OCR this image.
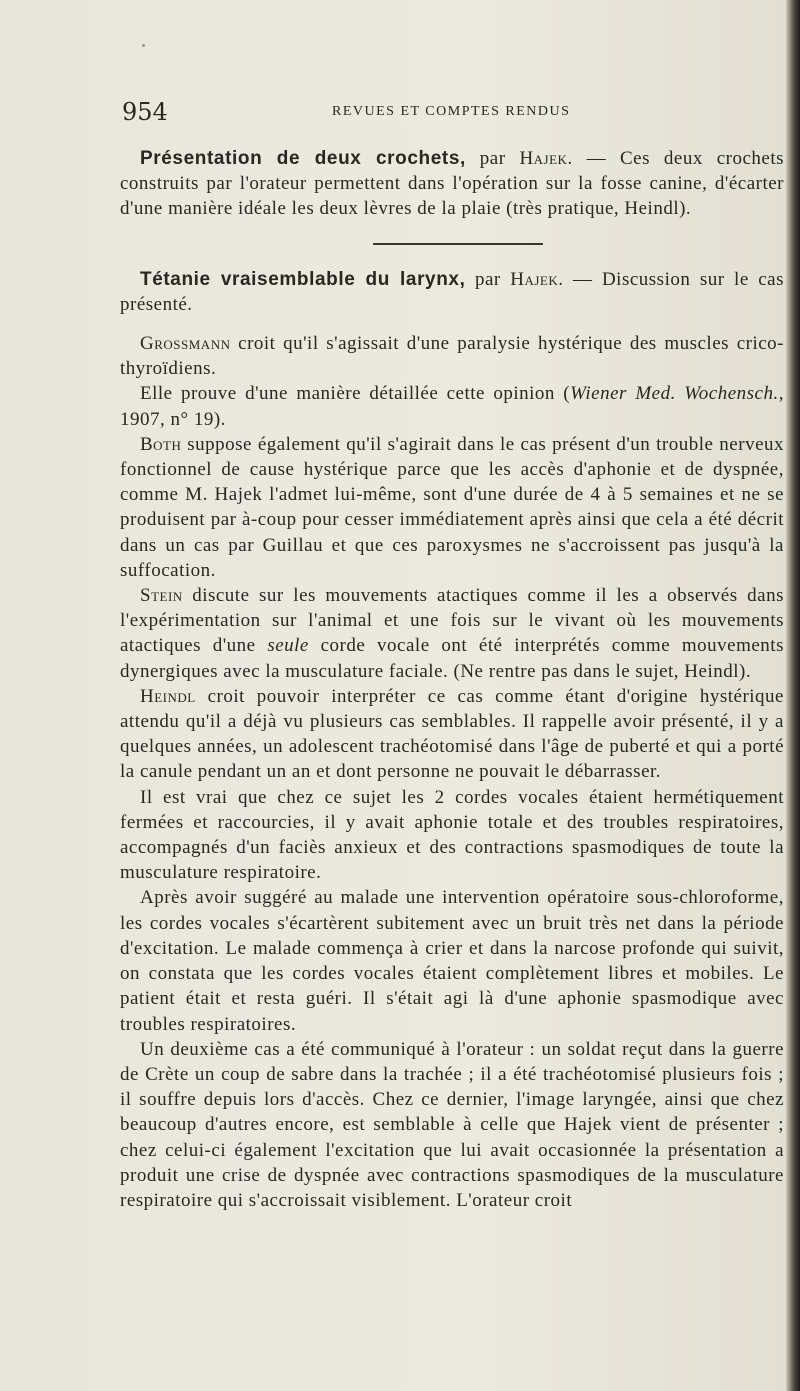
954	REVUES ET COMPTES RENDUS

Présentation de deux crochets, par Hajek. — Ces deux crochets construits par l'orateur permettent dans l'opération sur la fosse canine, d'écarter d'une manière idéale les deux lèvres de la plaie (très pratique, Heindl).

Tétanie vraisemblable du larynx, par Hajek. — Discussion sur le cas présenté.

Grossmann croit qu'il s'agissait d'une paralysie hystérique des muscles crico-thyroïdiens.

Elle prouve d'une manière détaillée cette opinion (Wiener Med. Wochensch., 1907, n° 19).

Both suppose également qu'il s'agirait dans le cas présent d'un trouble nerveux fonctionnel de cause hystérique parce que les accès d'aphonie et de dyspnée, comme M. Hajek l'admet lui-même, sont d'une durée de 4 à 5 semaines et ne se produisent par à-coup pour cesser immédiatement après ainsi que cela a été décrit dans un cas par Guillau et que ces paroxysmes ne s'accroissent pas jusqu'à la suffocation.

Stein discute sur les mouvements atactiques comme il les a observés dans l'expérimentation sur l'animal et une fois sur le vivant où les mouvements atactiques d'une seule corde vocale ont été interprétés comme mouvements dynergiques avec la musculature faciale. (Ne rentre pas dans le sujet, Heindl).

Heindl croit pouvoir interpréter ce cas comme étant d'origine hystérique attendu qu'il a déjà vu plusieurs cas semblables. Il rappelle avoir présenté, il y a quelques années, un adolescent trachéotomisé dans l'âge de puberté et qui a porté la canule pendant un an et dont personne ne pouvait le débarrasser.

Il est vrai que chez ce sujet les 2 cordes vocales étaient hermétiquement fermées et raccourcies, il y avait aphonie totale et des troubles respiratoires, accompagnés d'un faciès anxieux et des contractions spasmodiques de toute la musculature respiratoire.

Après avoir suggéré au malade une intervention opératoire sous-chloroforme, les cordes vocales s'écartèrent subitement avec un bruit très net dans la période d'excitation. Le malade commença à crier et dans la narcose profonde qui suivit, on constata que les cordes vocales étaient complètement libres et mobiles. Le patient était et resta guéri. Il s'était agi là d'une aphonie spasmodique avec troubles respiratoires.

Un deuxième cas a été communiqué à l'orateur : un soldat reçut dans la guerre de Crète un coup de sabre dans la trachée ; il a été trachéotomisé plusieurs fois ; il souffre depuis lors d'accès. Chez ce dernier, l'image laryngée, ainsi que chez beaucoup d'autres encore, est semblable à celle que Hajek vient de présenter ; chez celui-ci également l'excitation que lui avait occasionnée la présentation a produit une crise de dyspnée avec contractions spasmodiques de la musculature respiratoire qui s'accroissait visiblement. L'orateur croit
